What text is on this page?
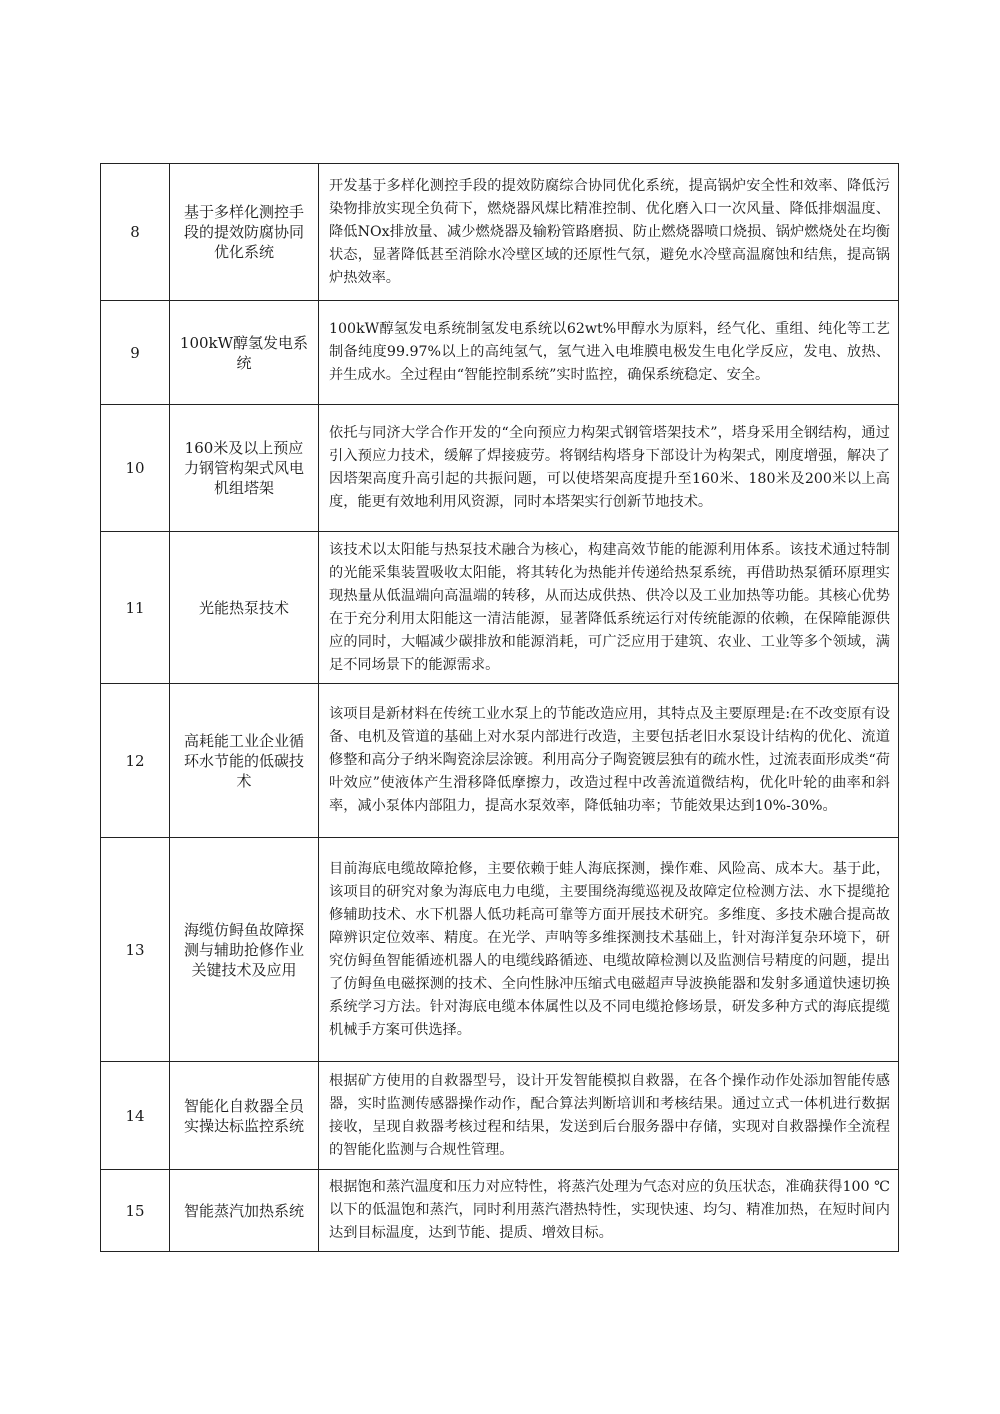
8	基于多样化测控手段的提效防腐协同优化系统	开发基于多样化测控手段的提效防腐综合协同优化系统，提高锅炉安全性和效率、降低污染物排放实现全负荷下，燃烧器风煤比精准控制、优化磨入口一次风量、降低排烟温度、降低NOx排放量、减少燃烧器及输粉管路磨损、防止燃烧器喷口烧损、锅炉燃烧处在均衡状态，显著降低甚至消除水冷壁区域的还原性气氛，避免水冷壁高温腐蚀和结焦，提高锅炉热效率。
9	100kW醇氢发电系统	100kW醇氢发电系统制氢发电系统以62wt%甲醇水为原料，经气化、重组、纯化等工艺制备纯度99.97%以上的高纯氢气，氢气进入电堆膜电极发生电化学反应，发电、放热、并生成水。全过程由“智能控制系统”实时监控，确保系统稳定、安全。
10	160米及以上预应力钢管构架式风电机组塔架	依托与同济大学合作开发的“全向预应力构架式钢管塔架技术”，塔身采用全钢结构，通过引入预应力技术，缓解了焊接疲劳。将钢结构塔身下部设计为构架式，刚度增强，解决了因塔架高度升高引起的共振问题，可以使塔架高度提升至160米、180米及200米以上高度，能更有效地利用风资源，同时本塔架实行创新节地技术。
11	光能热泵技术	该技术以太阳能与热泵技术融合为核心，构建高效节能的能源利用体系。该技术通过特制的光能采集装置吸收太阳能，将其转化为热能并传递给热泵系统，再借助热泵循环原理实现热量从低温端向高温端的转移，从而达成供热、供冷以及工业加热等功能。其核心优势在于充分利用太阳能这一清洁能源，显著降低系统运行对传统能源的依赖，在保障能源供应的同时，大幅减少碳排放和能源消耗，可广泛应用于建筑、农业、工业等多个领域，满足不同场景下的能源需求。
12	高耗能工业企业循环水节能的低碳技术	该项目是新材料在传统工业水泵上的节能改造应用，其特点及主要原理是:在不改变原有设备、电机及管道的基础上对水泵内部进行改造，主要包括老旧水泵设计结构的优化、流道修整和高分子纳米陶瓷涂层涂镀。利用高分子陶瓷镀层独有的疏水性，过流表面形成类“荷叶效应”使液体产生滑移降低摩擦力，改造过程中改善流道微结构，优化叶轮的曲率和斜率，减小泵体内部阻力，提高水泵效率，降低轴功率；节能效果达到10%-30%。
13	海缆仿鲟鱼故障探测与辅助抢修作业关键技术及应用	目前海底电缆故障抢修，主要依赖于蛙人海底探测，操作难、风险高、成本大。基于此，该项目的研究对象为海底电力电缆，主要围绕海缆巡视及故障定位检测方法、水下提缆抢修辅助技术、水下机器人低功耗高可靠等方面开展技术研究。多维度、多技术融合提高故障辨识定位效率、精度。在光学、声呐等多维探测技术基础上，针对海洋复杂环境下，研究仿鲟鱼智能循迹机器人的电缆线路循迹、电缆故障检测以及监测信号精度的问题，提出了仿鲟鱼电磁探测的技术、全向性脉冲压缩式电磁超声导波换能器和发射多通道快速切换系统学习方法。针对海底电缆本体属性以及不同电缆抢修场景，研发多种方式的海底提缆机械手方案可供选择。
14	智能化自救器全员实操达标监控系统	根据矿方使用的自救器型号，设计开发智能模拟自救器，在各个操作动作处添加智能传感器，实时监测传感器操作动作，配合算法判断培训和考核结果。通过立式一体机进行数据接收，呈现自救器考核过程和结果，发送到后台服务器中存储，实现对自救器操作全流程的智能化监测与合规性管理。
15	智能蒸汽加热系统	根据饱和蒸汽温度和压力对应特性，将蒸汽处理为气态对应的负压状态，准确获得100 ℃以下的低温饱和蒸汽，同时利用蒸汽潜热特性，实现快速、均匀、精准加热，在短时间内达到目标温度，达到节能、提质、增效目标。
